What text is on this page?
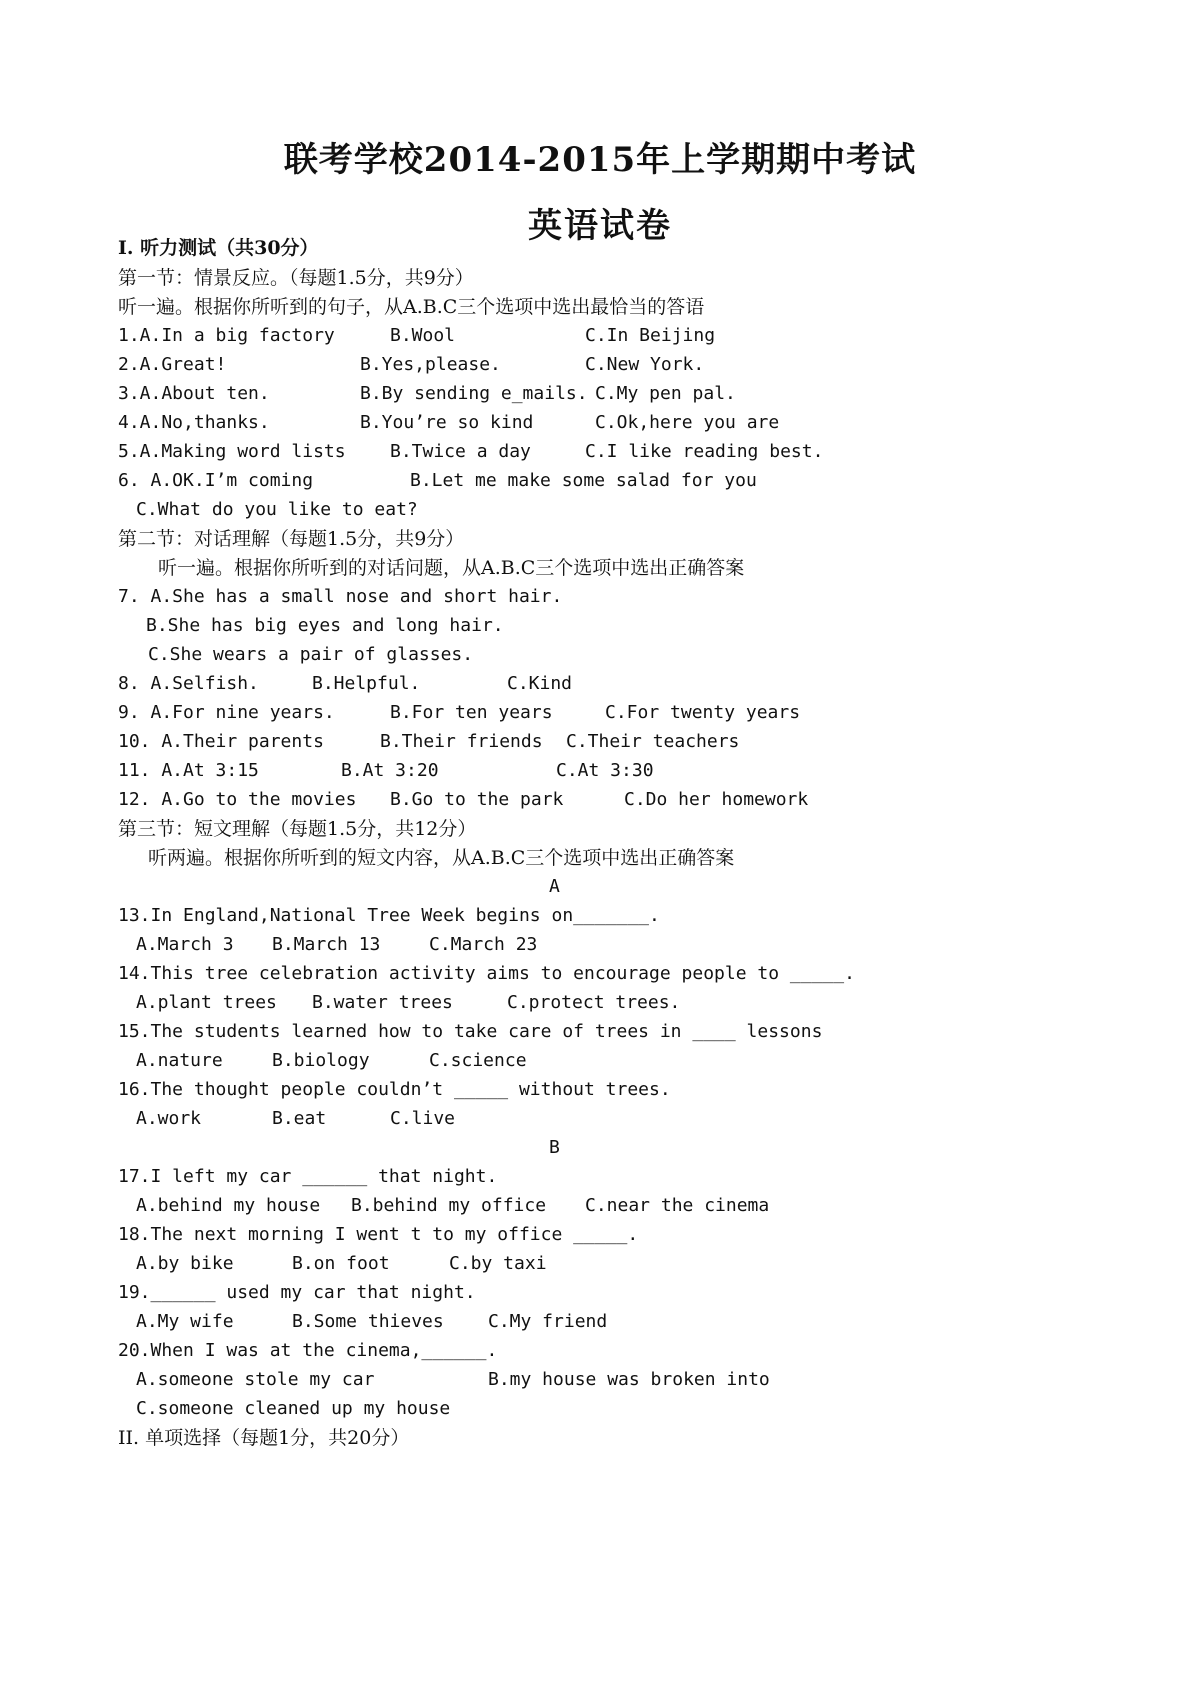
联考学校2014-2015年上学期期中考试
英语试卷
I. 听力测试（共30分）
第一节：情景反应。（每题1.5分，共9分）
听一遍。根据你所听到的句子，从A.B.C三个选项中选出最恰当的答语
1.A.In a big factory	B.Wool	C.In Beijing
2.A.Great!	B.Yes,please.	C.New York.
3.A.About ten.	B.By sending e_mails. C.My pen pal.
4.A.No,thanks.	B.You’re so kind	C.Ok,here you are
5.A.Making word lists B.Twice a day	C.I like reading best.
6. A.OK.I’m coming	B.Let me make some salad for you
C.What do you like to eat?
第二节：对话理解（每题1.5分，共9分）
听一遍。根据你所听到的对话问题，从A.B.C三个选项中选出正确答案
7. A.She has a small nose and short hair.
B.She has big eyes and long hair.
C.She wears a pair of glasses.
8. A.Selfish.	B.Helpful.	C.Kind
9. A.For nine years.	B.For ten years	C.For twenty years
10. A.Their parents	B.Their friends C.Their teachers
11. A.At 3:15	B.At 3:20	C.At 3:30
12. A.Go to the movies B.Go to the park	C.Do her homework
第三节：短文理解（每题1.5分，共12分）
听两遍。根据你所听到的短文内容，从A.B.C三个选项中选出正确答案
A
13.In England,National Tree Week begins on_______.
A.March 3 B.March 13	C.March 23
14.This tree celebration activity aims to encourage people to _____.
A.plant trees B.water trees	C.protect trees.
15.The students learned how to take care of trees in ____ lessons
A.nature	B.biology	C.science
16.The thought people couldn’t _____ without trees.
A.work	B.eat	C.live
B
17.I left my car ______ that night.
A.behind my house B.behind my office C.near the cinema
18.The next morning I went t to my office _____.
A.by bike	B.on foot	C.by taxi
19.______ used my car that night.
A.My wife	B.Some thieves C.My friend
20.When I was at the cinema,______.
A.someone stole my car	B.my house was broken into
C.someone cleaned up my house
II. 单项选择（每题1分，共20分）
